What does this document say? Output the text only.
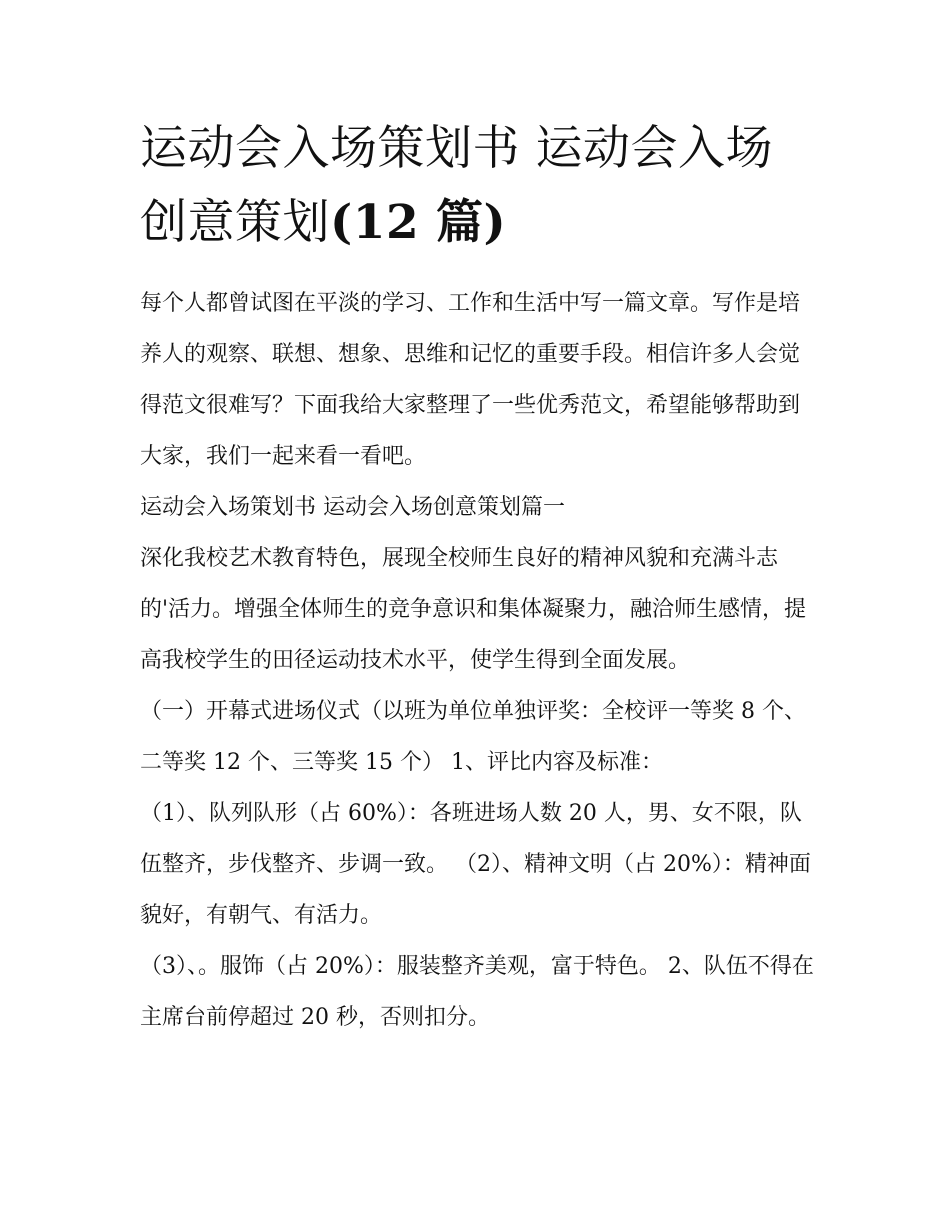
运动会入场策划书 运动会入场创意策划(12 篇)

每个人都曾试图在平淡的学习、工作和生活中写一篇文章。写作是培养人的观察、联想、想象、思维和记忆的重要手段。相信许多人会觉得范文很难写？下面我给大家整理了一些优秀范文，希望能够帮助到大家，我们一起来看一看吧。

运动会入场策划书 运动会入场创意策划篇一

深化我校艺术教育特色，展现全校师生良好的精神风貌和充满斗志的'活力。增强全体师生的竞争意识和集体凝聚力，融洽师生感情，提高我校学生的田径运动技术水平，使学生得到全面发展。

（一）开幕式进场仪式（以班为单位单独评奖：全校评一等奖 8 个、二等奖 12 个、三等奖 15 个） 1、评比内容及标准：

（1）、队列队形（占 60%）：各班进场人数 20 人，男、女不限，队伍整齐，步伐整齐、步调一致。 （2）、精神文明（占 20%）：精神面貌好，有朝气、有活力。

（3）、。服饰（占 20%）：服装整齐美观，富于特色。 2、队伍不得在主席台前停超过 20 秒，否则扣分。
